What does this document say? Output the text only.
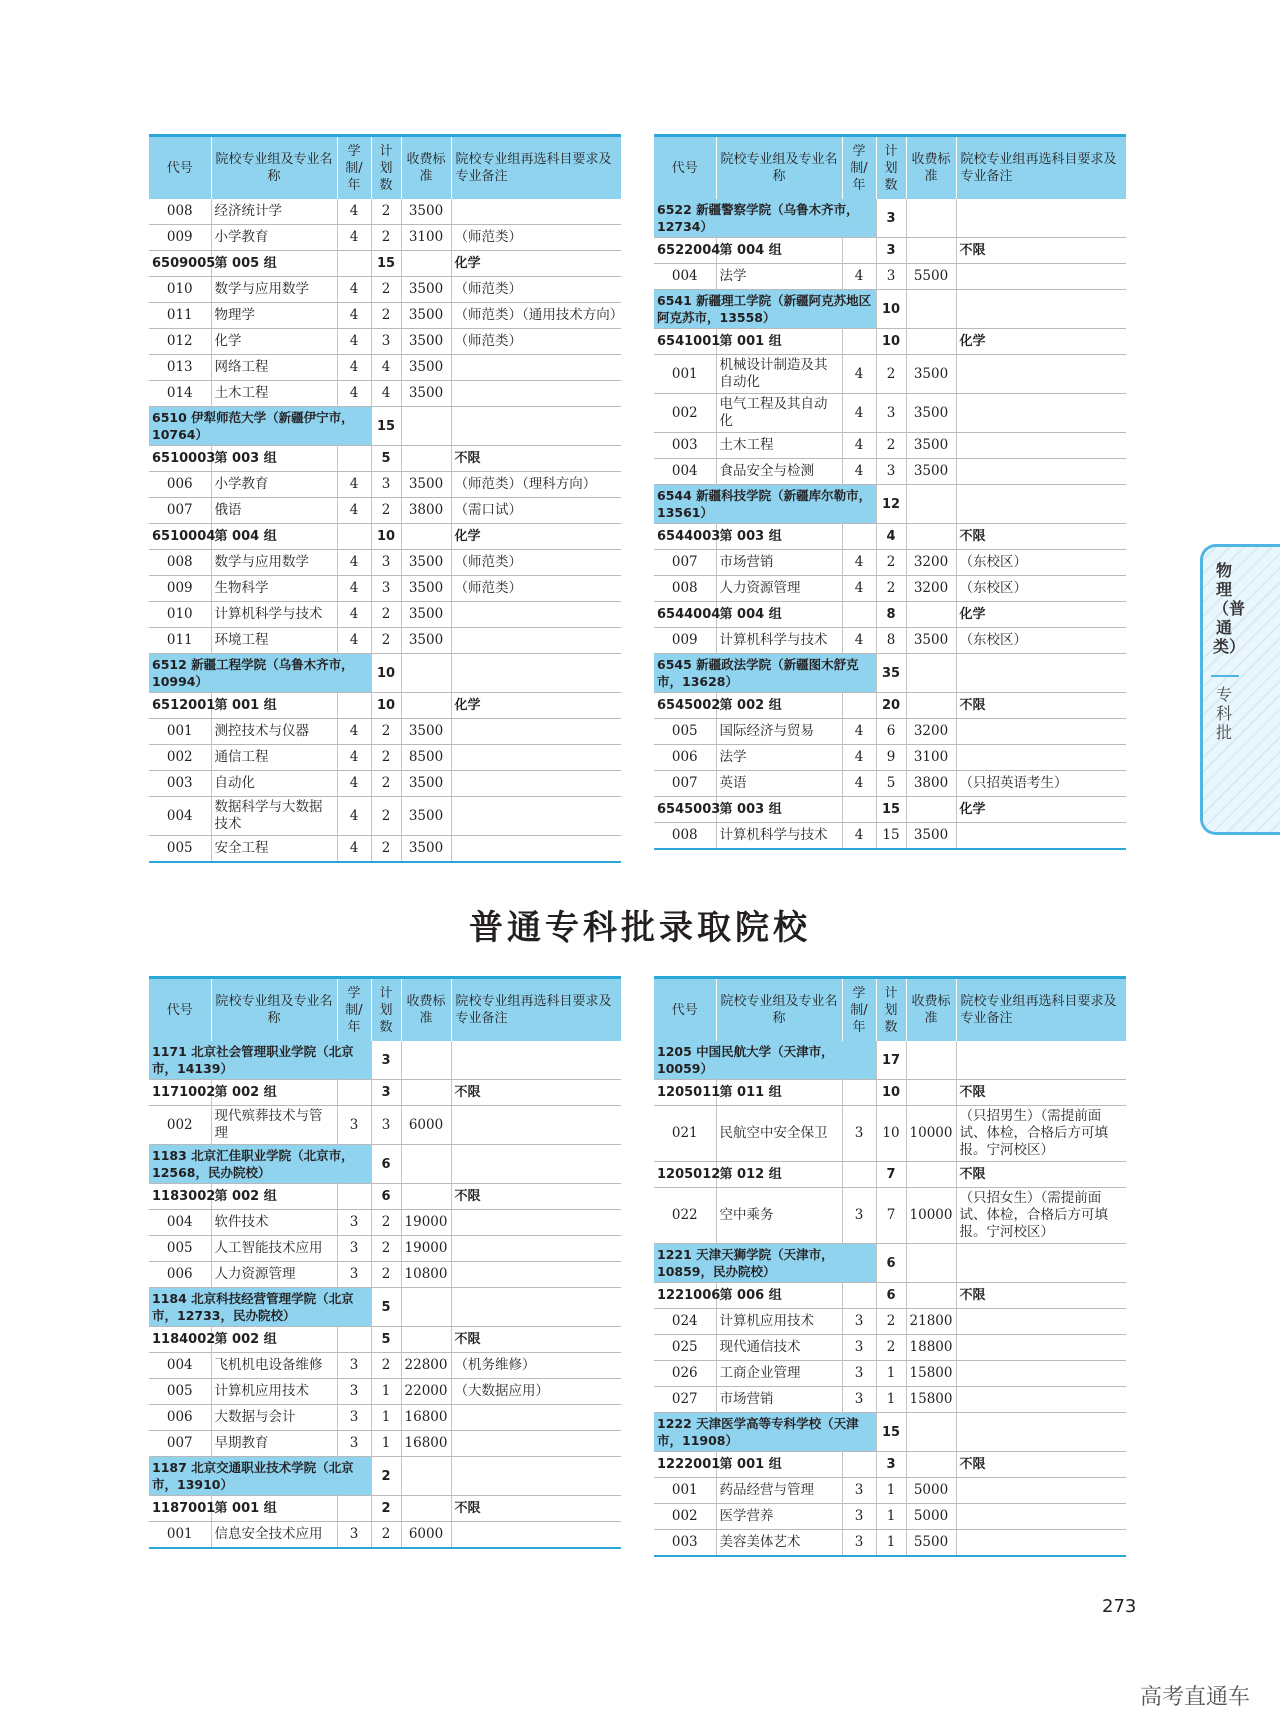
代号	院校专业组及专业名称	学制/年	计划数	收费标准	院校专业组再选科目要求及专业备注
008	经济统计学	4	2	3500	
009	小学教育	4	2	3100	（师范类）
6509005	第 005 组		15		化学
010	数学与应用数学	4	2	3500	（师范类）
011	物理学	4	2	3500	（师范类）（通用技术方向）
012	化学	4	3	3500	（师范类）
013	网络工程	4	4	3500	
014	土木工程	4	4	3500	
6510 伊犁师范大学（新疆伊宁市，10764）			15		
6510003	第 003 组		5		不限
006	小学教育	4	3	3500	（师范类）（理科方向）
007	俄语	4	2	3800	（需口试）
6510004	第 004 组		10		化学
008	数学与应用数学	4	3	3500	（师范类）
009	生物科学	4	3	3500	（师范类）
010	计算机科学与技术	4	2	3500	
011	环境工程	4	2	3500	
6512 新疆工程学院（乌鲁木齐市，10994）			10		
6512001	第 001 组		10		化学
001	测控技术与仪器	4	2	3500	
002	通信工程	4	2	8500	
003	自动化	4	2	3500	
004	数据科学与大数据技术	4	2	3500	
005	安全工程	4	2	3500	
代号	院校专业组及专业名称	学制/年	计划数	收费标准	院校专业组再选科目要求及专业备注
6522 新疆警察学院（乌鲁木齐市，12734）			3		
6522004	第 004 组		3		不限
004	法学	4	3	5500	
6541 新疆理工学院（新疆阿克苏地区阿克苏市，13558）			10		
6541001	第 001 组		10		化学
001	机械设计制造及其自动化	4	2	3500	
002	电气工程及其自动化	4	3	3500	
003	土木工程	4	2	3500	
004	食品安全与检测	4	3	3500	
6544 新疆科技学院（新疆库尔勒市，13561）			12		
6544003	第 003 组		4		不限
007	市场营销	4	2	3200	（东校区）
008	人力资源管理	4	2	3200	（东校区）
6544004	第 004 组		8		化学
009	计算机科学与技术	4	8	3500	（东校区）
6545 新疆政法学院（新疆图木舒克市，13628）			35		
6545002	第 002 组		20		不限
005	国际经济与贸易	4	6	3200	
006	法学	4	9	3100	
007	英语	4	5	3800	（只招英语考生）
6545003	第 003 组		15		化学
008	计算机科学与技术	4	15	3500	
普通专科批录取院校
代号	院校专业组及专业名称	学制/年	计划数	收费标准	院校专业组再选科目要求及专业备注
1171 北京社会管理职业学院（北京市，14139）			3		
1171002	第 002 组		3		不限
002	现代殡葬技术与管理	3	3	6000	
1183 北京汇佳职业学院（北京市，12568，民办院校）			6		
1183002	第 002 组		6		不限
004	软件技术	3	2	19000	
005	人工智能技术应用	3	2	19000	
006	人力资源管理	3	2	10800	
1184 北京科技经营管理学院（北京市，12733，民办院校）			5		
1184002	第 002 组		5		不限
004	飞机机电设备维修	3	2	22800	（机务维修）
005	计算机应用技术	3	1	22000	（大数据应用）
006	大数据与会计	3	1	16800	
007	早期教育	3	1	16800	
1187 北京交通职业技术学院（北京市，13910）			2		
1187001	第 001 组		2		不限
001	信息安全技术应用	3	2	6000	
代号	院校专业组及专业名称	学制/年	计划数	收费标准	院校专业组再选科目要求及专业备注
1205 中国民航大学（天津市，10059）			17		
1205011	第 011 组		10		不限
021	民航空中安全保卫	3	10	10000	（只招男生）（需提前面试、体检，合格后方可填报。宁河校区）
1205012	第 012 组		7		不限
022	空中乘务	3	7	10000	（只招女生）（需提前面试、体检，合格后方可填报。宁河校区）
1221 天津天狮学院（天津市，10859，民办院校）			6		
1221006	第 006 组		6		不限
024	计算机应用技术	3	2	21800	
025	现代通信技术	3	2	18800	
026	工商企业管理	3	1	15800	
027	市场营销	3	1	15800	
1222 天津医学高等专科学校（天津市，11908）			15		
1222001	第 001 组		3		不限
001	药品经营与管理	3	1	5000	
002	医学营养	3	1	5000	
003	美容美体艺术	3	1	5500	
物理（普通类）
专科批
273
高考直通车
